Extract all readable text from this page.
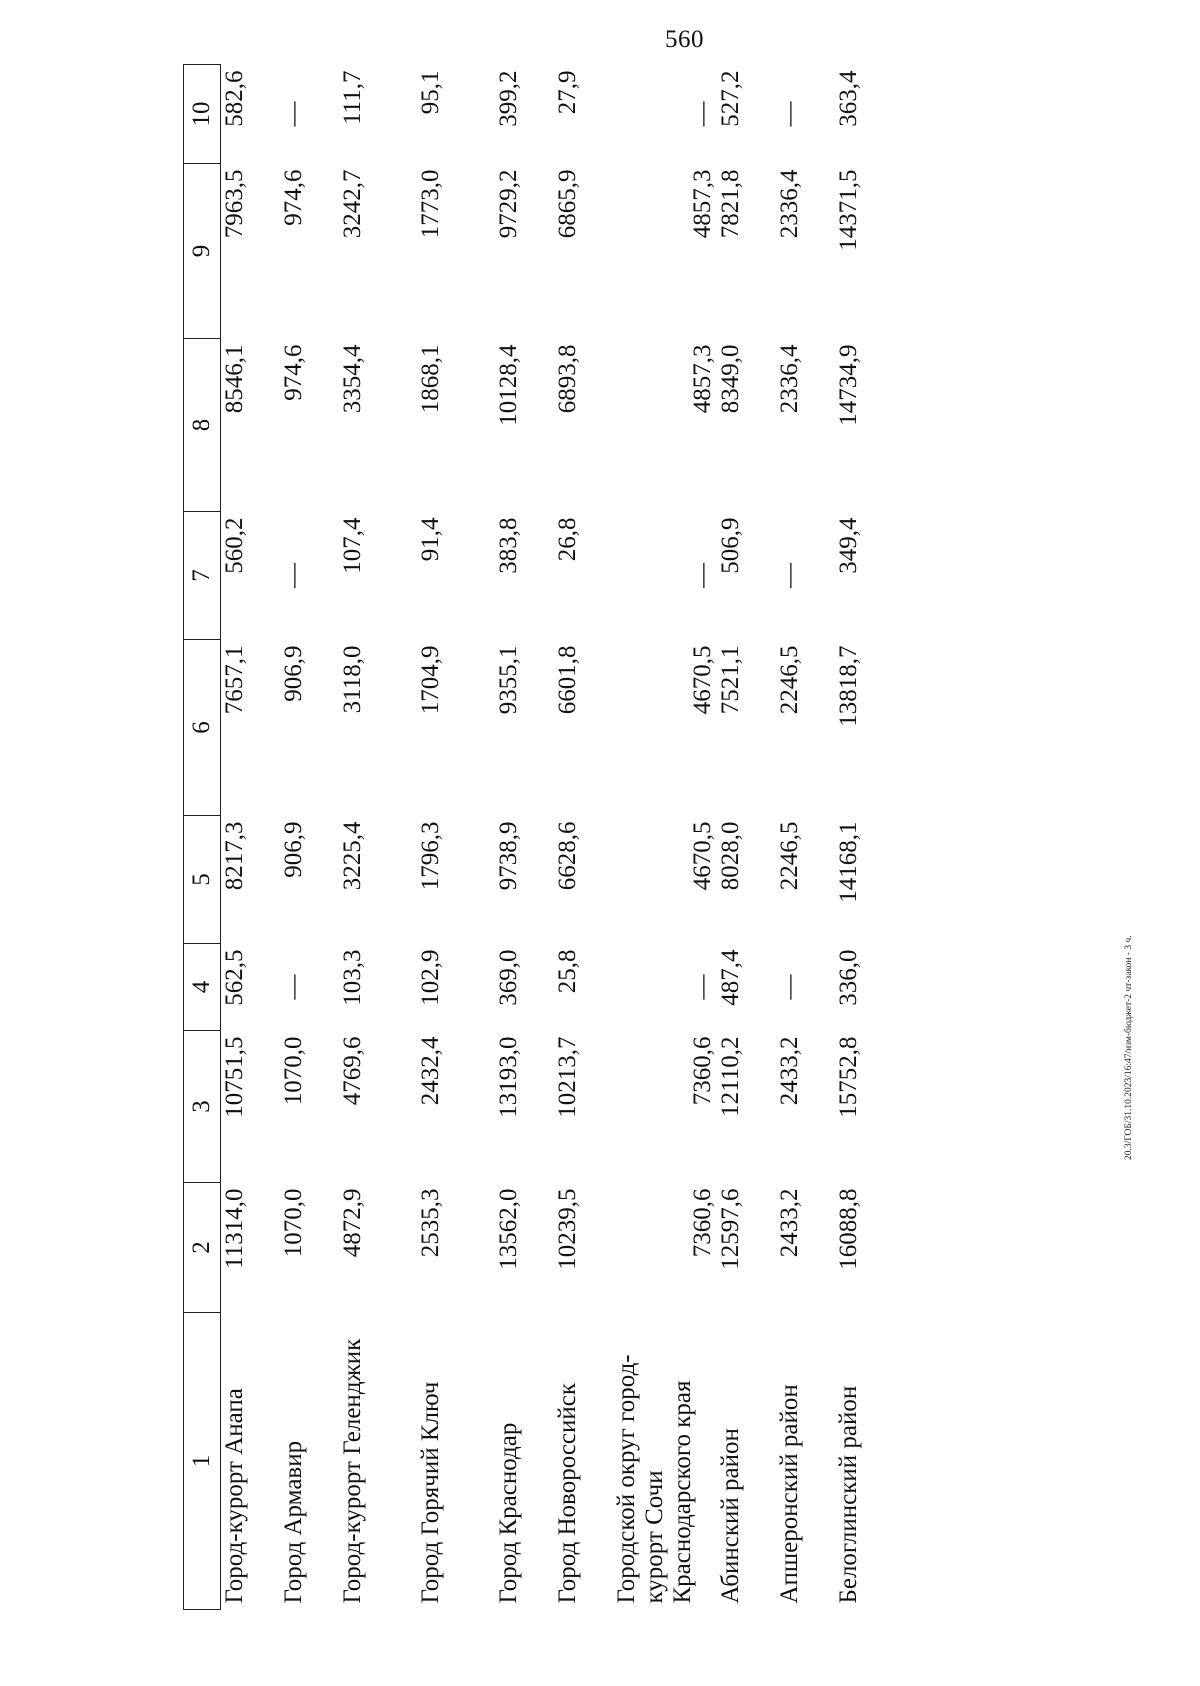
560
20.3/ГОБ/31.10.2023/16:47/изм-бюджет-2 чт-закон - 3 ч.
1	2	3	4	5	6	7	8	9	10
Город-курорт Анапа	11314,0	10751,5	562,5	8217,3	7657,1	560,2	8546,1	7963,5	582,6
Город Армавир	1070,0	1070,0	—	906,9	906,9	—	974,6	974,6	—
Город-курорт Геленджик	4872,9	4769,6	103,3	3225,4	3118,0	107,4	3354,4	3242,7	111,7
Город Горячий Ключ	2535,3	2432,4	102,9	1796,3	1704,9	91,4	1868,1	1773,0	95,1
Город Краснодар	13562,0	13193,0	369,0	9738,9	9355,1	383,8	10128,4	9729,2	399,2
Город Новороссийск	10239,5	10213,7	25,8	6628,6	6601,8	26,8	6893,8	6865,9	27,9
Городской округ город-курорт Сочи Краснодарского края	7360,6	7360,6	—	4670,5	4670,5	—	4857,3	4857,3	—
Абинский район	12597,6	12110,2	487,4	8028,0	7521,1	506,9	8349,0	7821,8	527,2
Апшеронский район	2433,2	2433,2	—	2246,5	2246,5	—	2336,4	2336,4	—
Белоглинский район	16088,8	15752,8	336,0	14168,1	13818,7	349,4	14734,9	14371,5	363,4
